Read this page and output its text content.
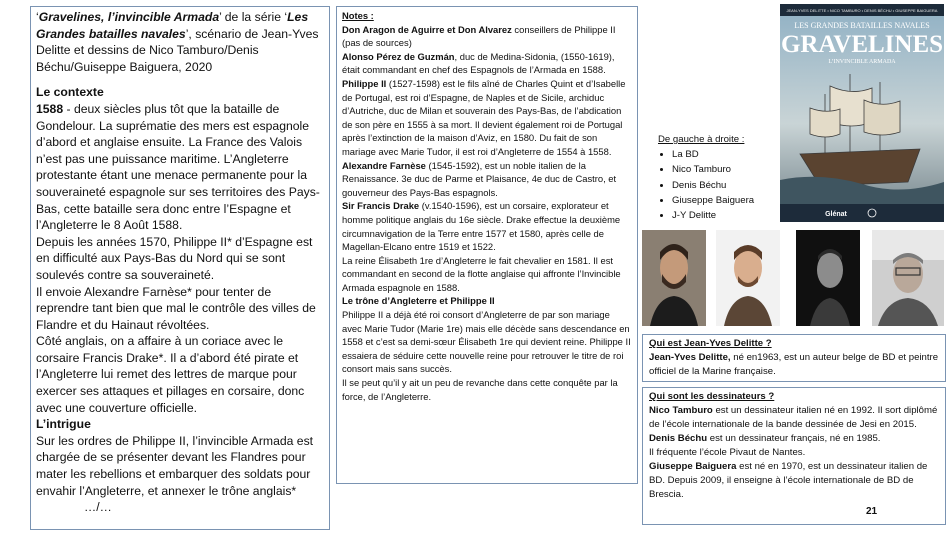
‘Gravelines, l’invincible Armada’ de la série ‘Les Grandes batailles navales’, scénario de Jean-Yves Delitte et dessins de Nico Tamburo/Denis Béchu/Guiseppe Baiguera, 2020

Le contexte

1588 - deux siècles plus tôt que la bataille de Gondelour. La suprématie des mers est espagnole d’abord et anglaise ensuite. La France des Valois n’est pas une puissance maritime. L’Angleterre protestante étant une menace permanente pour la souveraineté espagnole sur ses territoires des Pays-Bas, cette bataille sera donc entre l’Espagne et l’Angleterre le 8 Août 1588.

Depuis les années 1570, Philippe II* d’Espagne est en difficulté aux Pays-Bas du Nord qui se sont soulevés contre sa souveraineté.

Il envoie Alexandre Farnèse* pour tenter de reprendre tant bien que mal le contrôle des villes de Flandre et du Hainaut révoltées.

Côté anglais, on a affaire à un coriace avec le corsaire Francis Drake*. Il a d’abord été pirate et l’Angleterre lui remet des lettres de marque pour exercer ses attaques et pillages en corsaire, donc avec une couverture officielle.

L’intrigue

Sur les ordres de Philippe II, l’invincible Armada est chargée de se présenter devant les Flandres pour mater les rebellions et embarquer des soldats pour envahir l’Angleterre, et annexer le trône anglais*…/…

Notes :

Don Aragon de Aguirre et Don Alvarez conseillers de Philippe II (pas de sources)

Alonso Pérez de Guzmán, duc de Medina-Sidonia, (1550-1619), était commandant en chef des Espagnols de l’Armada en 1588.

Philippe II (1527-1598) est le fils aîné de Charles Quint et d’Isabelle de Portugal, est roi d’Espagne, de Naples et de Sicile, archiduc d’Autriche, duc de Milan et souverain des Pays-Bas, de l’abdication de son père en 1555 à sa mort. Il devient également roi de Portugal après l’extinction de la maison d’Aviz, en 1580. Du fait de son mariage avec Marie Tudor, il est roi d’Angleterre de 1554 à 1558.

Alexandre Farnèse (1545-1592), est un noble italien de la Renaissance. 3e duc de Parme et Plaisance, 4e duc de Castro, et gouverneur des Pays-Bas espagnols.

Sir Francis Drake (v.1540-1596), est un corsaire, explorateur et homme politique anglais du 16e siècle. Drake effectue la deuxième circumnavigation de la Terre entre 1577 et 1580, après celle de Magellan-Elcano entre 1519 et 1522.

La reine Élisabeth 1re d’Angleterre le fait chevalier en 1581. Il est commandant en second de la flotte anglaise qui affronte l’Invincible Armada espagnole en 1588.

Le trône d’Angleterre et Philippe II

Philippe II a déjà été roi consort d’Angleterre de par son mariage avec Marie Tudor (Marie 1re) mais elle décède sans descendance en 1558 et c’est sa demi-sœur Élisabeth 1re qui devient reine. Philippe II essaiera de séduire cette nouvelle reine pour retrouver le titre de roi consort mais sans succès.

Il se peut qu’il y ait un peu de revanche dans cette conquête par la force, de l’Angleterre.

De gauche à droite :

• La BD
• Nico Tamburo
• Denis Béchu
• Giuseppe Baiguera
• J-Y Delitte
JEAN-YVES DELITTE • NICO TAMBURO • DENIS BÉCHU • GIUSEPPE BAIGUERA
LES GRANDES BATAILLES NAVALES
GRAVELINES
L’INVINCIBLE ARMADA
Glénat

Qui est Jean-Yves Delitte ?

Jean-Yves Delitte, né en1963, est un auteur belge de BD et peintre officiel de la Marine française.

Qui sont les dessinateurs ?

Nico Tamburo est un dessinateur italien né en 1992. Il sort diplômé de l’école internationale de la bande dessinée de Jesi en 2015.

Denis Béchu est un dessinateur français, né en 1985.

Il fréquente l’école Pivaut de Nantes.

Giuseppe Baiguera est né en 1970, est un dessinateur italien de BD. Depuis 2009, il enseigne à l’école internationale de BD de Brescia.

21
